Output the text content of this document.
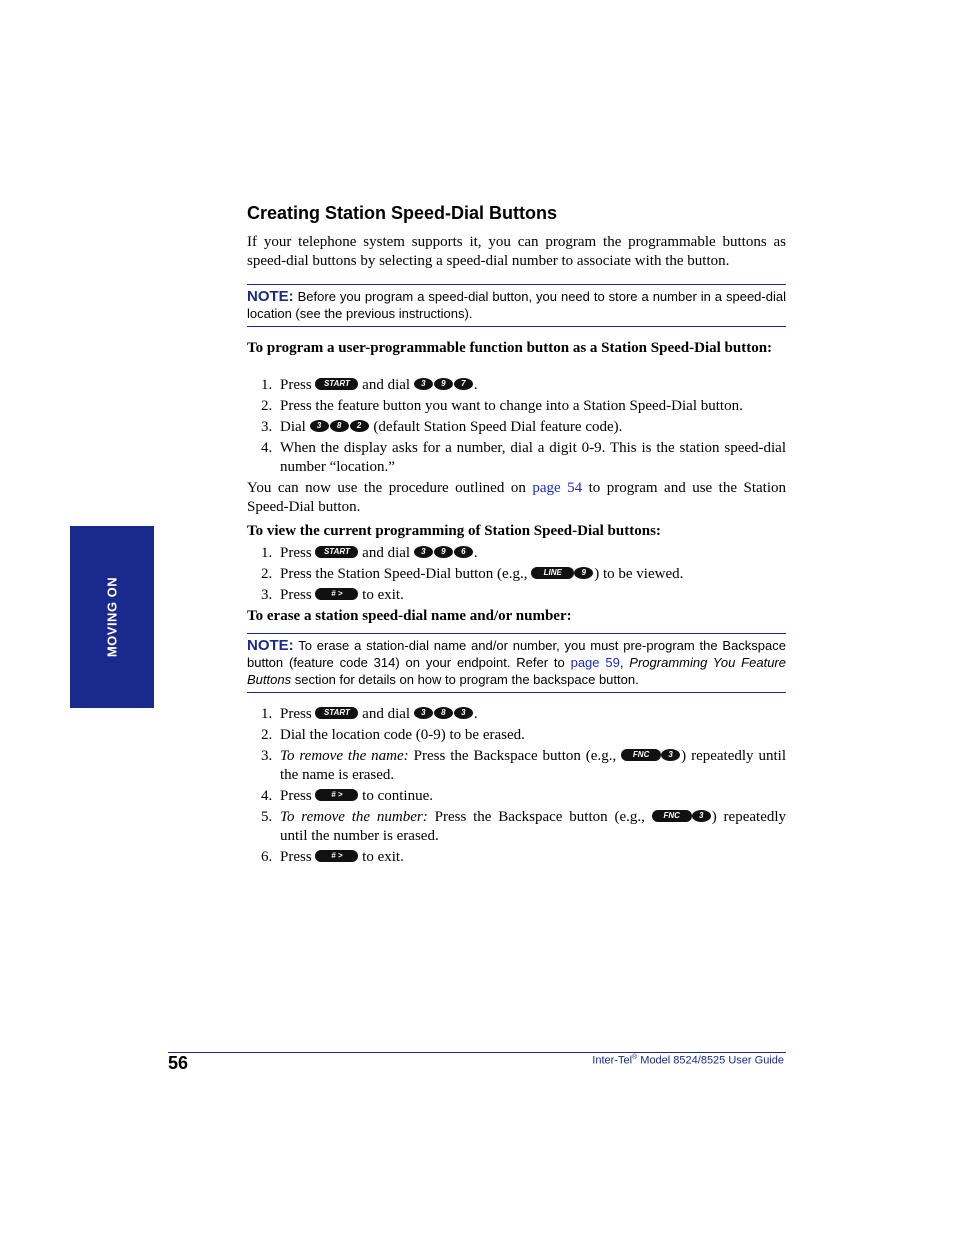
MOVING ON
Creating Station Speed-Dial Buttons
If your telephone system supports it, you can program the programmable buttons as speed-dial buttons by selecting a speed-dial number to associate with the button.
NOTE: Before you program a speed-dial button, you need to store a number in a speed-dial location (see the previous instructions).
To program a user-programmable function button as a Station Speed-Dial button:
1. Press START and dial 3 9 7 .
2. Press the feature button you want to change into a Station Speed-Dial button.
3. Dial 3 8 2 (default Station Speed Dial feature code).
4. When the display asks for a number, dial a digit 0-9. This is the station speed-dial number “location.”
You can now use the procedure outlined on page 54 to program and use the Station Speed-Dial button.
To view the current programming of Station Speed-Dial buttons:
1. Press START and dial 3 9 6 .
2. Press the Station Speed-Dial button (e.g., LINE 9 ) to be viewed.
3. Press # > to exit.
To erase a station speed-dial name and/or number:
NOTE: To erase a station-dial name and/or number, you must pre-program the Backspace button (feature code 314) on your endpoint. Refer to page 59, Programming You Feature Buttons section for details on how to program the backspace button.
1. Press START and dial 3 8 3 .
2. Dial the location code (0-9) to be erased.
3. To remove the name: Press the Backspace button (e.g., FNC 3 ) repeatedly until the name is erased.
4. Press # > to continue.
5. To remove the number: Press the Backspace button (e.g., FNC 3 ) repeatedly until the number is erased.
6. Press # > to exit.
56	Inter-Tel® Model 8524/8525 User Guide
